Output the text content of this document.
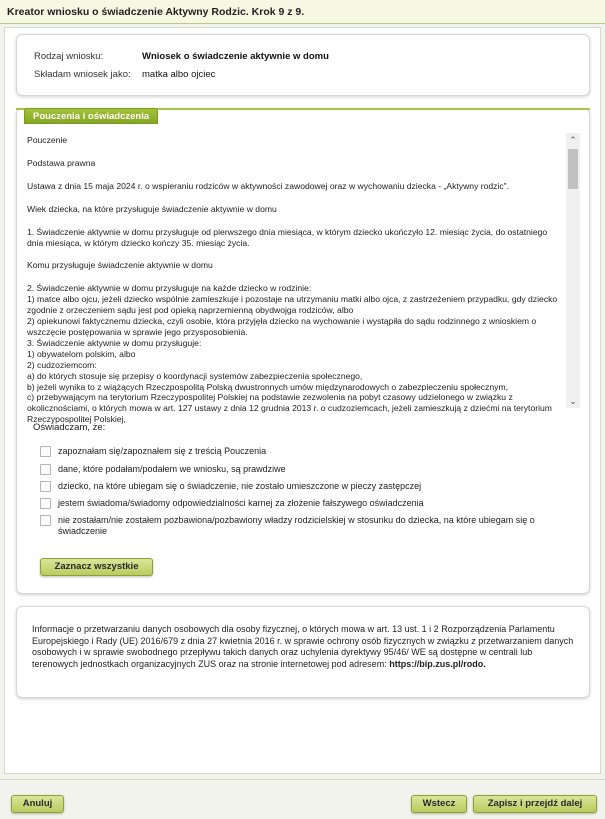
Kreator wniosku o świadczenie Aktywny Rodzic. Krok 9 z 9.
Rodzaj wniosku:	Wniosek o świadczenie aktywnie w domu
Składam wniosek jako: matka albo ojciec
Pouczenia i oświadczenia
Pouczenie
Podstawa prawna
Ustawa z dnia 15 maja 2024 r. o wspieraniu rodziców w aktywności zawodowej oraz w wychowaniu dziecka - „Aktywny rodzic".
Wiek dziecka, na które przysługuje świadczenie aktywnie w domu
1. Świadczenie aktywnie w domu przysługuje od pierwszego dnia miesiąca, w którym dziecko ukończyło 12. miesiąc życia, do ostatniego dnia miesiąca, w którym dziecko kończy 35. miesiąc życia.
Komu przysługuje świadczenie aktywnie w domu
2. Świadczenie aktywnie w domu przysługuje na każde dziecko w rodzinie:
1) matce albo ojcu, jeżeli dziecko wspólnie zamieszkuje i pozostaje na utrzymaniu matki albo ojca, z zastrzeżeniem przypadku, gdy dziecko zgodnie z orzeczeniem sądu jest pod opieką naprzemienną obydwojga rodziców, albo
2) opiekunowi faktycznemu dziecka, czyli osobie, która przyjęła dziecko na wychowanie i wystąpiła do sądu rodzinnego z wnioskiem o wszczęcie postępowania w sprawie jego przysposobienia.
3. Świadczenie aktywnie w domu przysługuje:
1) obywatelom polskim, albo
2) cudzoziemcom:
a) do których stosuje się przepisy o koordynacji systemów zabezpieczenia społecznego,
b) jeżeli wynika to z wiążących Rzeczpospolitą Polską dwustronnych umów międzynarodowych o zabezpieczeniu społecznym,
c) przebywającym na terytorium Rzeczypospolitej Polskiej na podstawie zezwolenia na pobyt czasowy udzielonego w związku z okolicznościami, o których mowa w art. 127 ustawy z dnia 12 grudnia 2013 r. o cudzoziemcach, jeżeli zamieszkują z dziećmi na terytorium Rzeczypospolitej Polskiej,
⌃
⌄
Oświadczam, że:
zapoznałam się/zapoznałem się z treścią Pouczenia
dane, które podałam/podałem we wniosku, są prawdziwe
dziecko, na które ubiegam się o świadczenie, nie zostało umieszczone w pieczy zastępczej
jestem świadoma/świadomy odpowiedzialności karnej za złożenie fałszywego oświadczenia
nie zostałam/nie zostałem pozbawiona/pozbawiony władzy rodzicielskiej w stosunku do dziecka, na które ubiegam się o świadczenie
Zaznacz wszystkie
Informacje o przetwarzaniu danych osobowych dla osoby fizycznej, o których mowa w art. 13 ust. 1 i 2 Rozporządzenia Parlamentu Europejskiego i Rady (UE) 2016/679 z dnia 27 kwietnia 2016 r. w sprawie ochrony osób fizycznych w związku z przetwarzaniem danych osobowych i w sprawie swobodnego przepływu takich danych oraz uchylenia dyrektywy 95/46/ WE są dostępne w centrali lub terenowych jednostkach organizacyjnych ZUS oraz na stronie internetowej pod adresem: https://bip.zus.pl/rodo.
Anuluj	Wstecz	Zapisz i przejdź dalej
